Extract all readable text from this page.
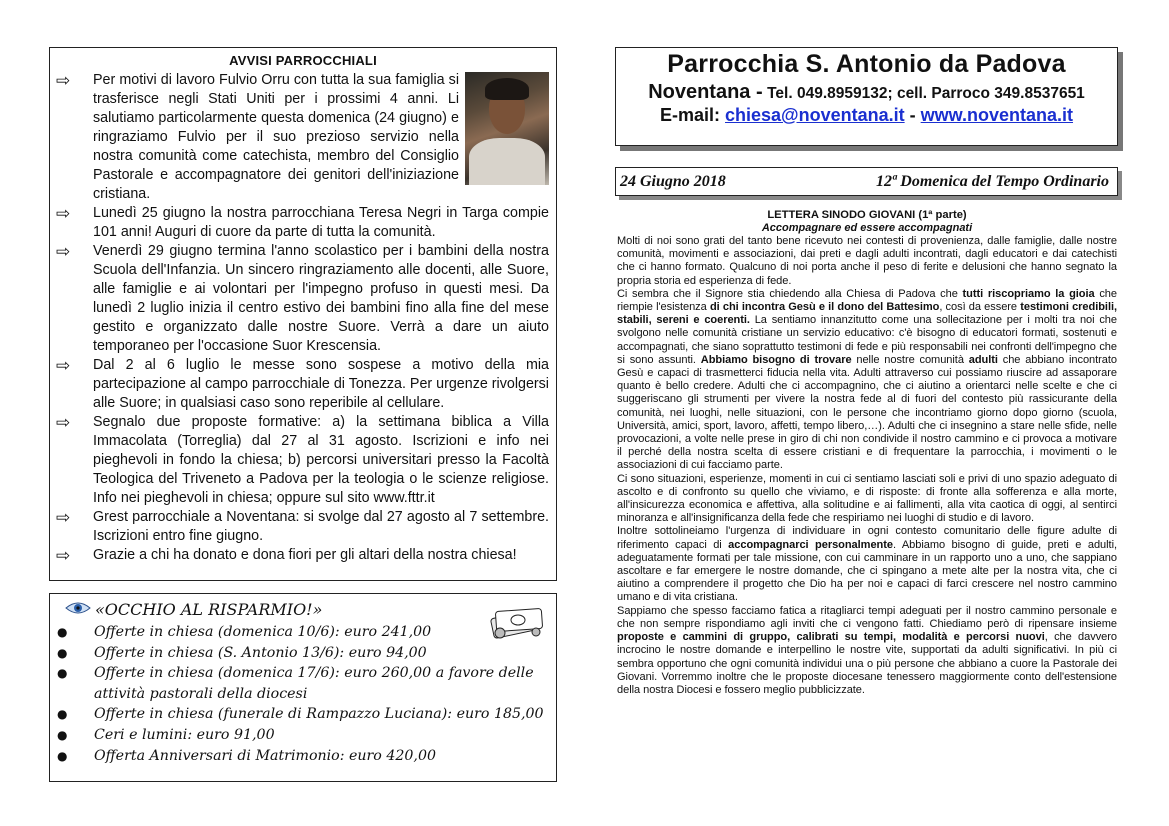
AVVISI PARROCCHIALI
⇨	Per motivi di lavoro Fulvio Orru con tutta la sua famiglia si trasferisce negli Stati Uniti per i prossimi 4 anni. Li salutiamo particolarmente questa domenica (24 giugno) e ringraziamo Fulvio per il suo prezioso servizio nella nostra comunità come catechista, membro del Consiglio Pastorale e accompagnatore dei genitori dell'iniziazione cristiana.
⇨	Lunedì 25 giugno la nostra parrocchiana Teresa Negri in Targa compie 101 anni! Auguri di cuore da parte di tutta la comunità.
⇨	Venerdì 29 giugno termina l'anno scolastico per i bambini della nostra Scuola dell'Infanzia. Un sincero ringraziamento alle docenti, alle Suore, alle famiglie e ai volontari per l'impegno profuso in questi mesi. Da lunedì 2 luglio inizia il centro estivo dei bambini fino alla fine del mese gestito e organizzato dalle nostre Suore. Verrà a dare un aiuto temporaneo per l'occasione Suor Krescensia.
⇨	Dal 2 al 6 luglio le messe sono sospese a motivo della mia partecipazione al campo parrocchiale di Tonezza. Per urgenze rivolgersi alle Suore; in qualsiasi caso sono reperibile al cellulare.
⇨	Segnalo due proposte formative: a) la settimana biblica a Villa Immacolata (Torreglia) dal 27 al 31 agosto. Iscrizioni e info nei pieghevoli in fondo la chiesa; b) percorsi universitari presso la Facoltà Teologica del Triveneto a Padova per la teologia o le scienze religiose. Info nei pieghevoli in chiesa; oppure sul sito www.fttr.it
⇨	Grest parrocchiale a Noventana: si svolge dal 27 agosto al 7 settembre. Iscrizioni entro fine giugno.
⇨	Grazie a chi ha donato e dona fiori per gli altari della nostra chiesa!
«OCCHIO AL RISPARMIO!»
● Offerte in chiesa (domenica 10/6): euro 241,00
● Offerte in chiesa (S. Antonio 13/6): euro 94,00
● Offerte in chiesa (domenica 17/6): euro 260,00 a favore delle attività pastorali della diocesi
● Offerte in chiesa (funerale di Rampazzo Luciana): euro 185,00
● Ceri e lumini: euro 91,00
● Offerta Anniversari di Matrimonio: euro 420,00
Parrocchia S. Antonio da Padova
Noventana - Tel. 049.8959132; cell. Parroco 349.8537651
E-mail: chiesa@noventana.it - www.noventana.it
24 Giugno 2018	12ª Domenica del Tempo Ordinario
LETTERA SINODO GIOVANI (1ª parte)
Accompagnare ed essere accompagnati

Molti di noi sono grati del tanto bene ricevuto nei contesti di provenienza, dalle famiglie, dalle nostre comunità, movimenti e associazioni, dai preti e dagli adulti incontrati, dagli educatori e dai catechisti che ci hanno formato. Qualcuno di noi porta anche il peso di ferite e delusioni che hanno segnato la propria storia ed esperienza di fede.

Ci sembra che il Signore stia chiedendo alla Chiesa di Padova che tutti riscopriamo la gioia che riempie l'esistenza di chi incontra Gesù e il dono del Battesimo, così da essere testimoni credibili, stabili, sereni e coerenti. La sentiamo innanzitutto come una sollecitazione per i molti tra noi che svolgono nelle comunità cristiane un servizio educativo: c'è bisogno di educatori formati, sostenuti e accompagnati, che siano soprattutto testimoni di fede e più responsabili nei confronti dell'impegno che si sono assunti. Abbiamo bisogno di trovare nelle nostre comunità adulti che abbiano incontrato Gesù e capaci di trasmetterci fiducia nella vita. Adulti attraverso cui possiamo riuscire ad assaporare quanto è bello credere. Adulti che ci accompagnino, che ci aiutino a orientarci nelle scelte e che ci suggeriscano gli strumenti per vivere la nostra fede al di fuori del contesto più rassicurante della comunità, nei luoghi, nelle situazioni, con le persone che incontriamo giorno dopo giorno (scuola, Università, amici, sport, lavoro, affetti, tempo libero,…). Adulti che ci insegnino a stare nelle sfide, nelle provocazioni, a volte nelle prese in giro di chi non condivide il nostro cammino e ci provoca a motivare il perché della nostra scelta di essere cristiani e di frequentare la parrocchia, i movimenti o le associazioni di cui facciamo parte.

Ci sono situazioni, esperienze, momenti in cui ci sentiamo lasciati soli e privi di uno spazio adeguato di ascolto e di confronto su quello che viviamo, e di risposte: di fronte alla sofferenza e alla morte, all'insicurezza economica e affettiva, alla solitudine e ai fallimenti, alla vita caotica di oggi, al sentirci minoranza e all'insignificanza della fede che respiriamo nei luoghi di studio e di lavoro.

Inoltre sottolineiamo l'urgenza di individuare in ogni contesto comunitario delle figure adulte di riferimento capaci di accompagnarci personalmente. Abbiamo bisogno di guide, preti e adulti, adeguatamente formati per tale missione, con cui camminare in un rapporto uno a uno, che sappiano ascoltare e far emergere le nostre domande, che ci spingano a mete alte per la nostra vita, che ci aiutino a comprendere il progetto che Dio ha per noi e capaci di farci crescere nel nostro cammino umano e di vita cristiana.

Sappiamo che spesso facciamo fatica a ritagliarci tempi adeguati per il nostro cammino personale e che non sempre rispondiamo agli inviti che ci vengono fatti. Chiediamo però di ripensare insieme proposte e cammini di gruppo, calibrati su tempi, modalità e percorsi nuovi, che davvero incrocino le nostre domande e interpellino le nostre vite, supportati da adulti significativi. In più ci sembra opportuno che ogni comunità individui una o più persone che abbiano a cuore la Pastorale dei Giovani. Vorremmo inoltre che le proposte diocesane tenessero maggiormente conto dell'estensione della nostra Diocesi e fossero meglio pubblicizzate.
